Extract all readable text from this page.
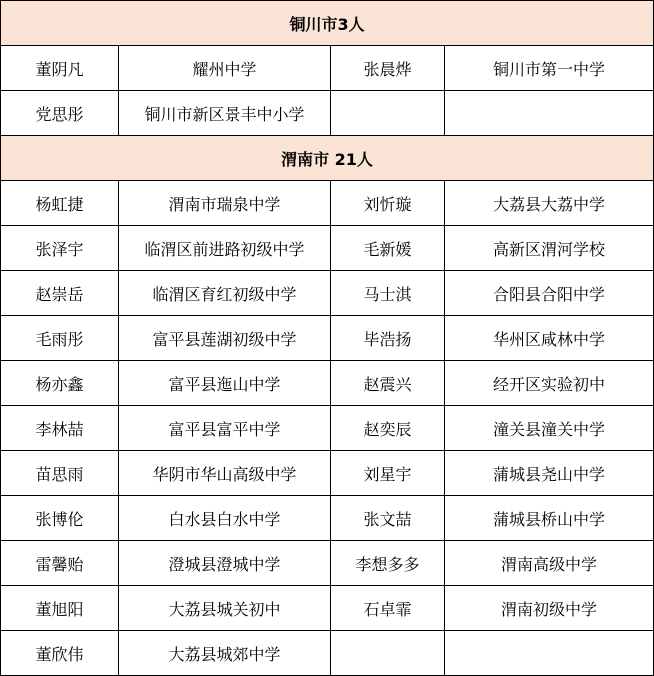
铜川市3人			
董阴凡	耀州中学	张晨烨	铜川市第一中学
党思彤	铜川市新区景丰中小学		
渭南市 21人			
杨虹捷	渭南市瑞泉中学	刘忻璇	大荔县大荔中学
张泽宇	临渭区前进路初级中学	毛新媛	高新区渭河学校
赵崇岳	临渭区育红初级中学	马士淇	合阳县合阳中学
毛雨彤	富平县莲湖初级中学	毕浩扬	华州区咸林中学
杨亦鑫	富平县迤山中学	赵震兴	经开区实验初中
李林喆	富平县富平中学	赵奕辰	潼关县潼关中学
苗思雨	华阴市华山高级中学	刘星宇	蒲城县尧山中学
张博伦	白水县白水中学	张文喆	蒲城县桥山中学
雷馨贻	澄城县澄城中学	李想多多	渭南高级中学
董旭阳	大荔县城关初中	石卓霏	渭南初级中学
董欣伟	大荔县城郊中学		
